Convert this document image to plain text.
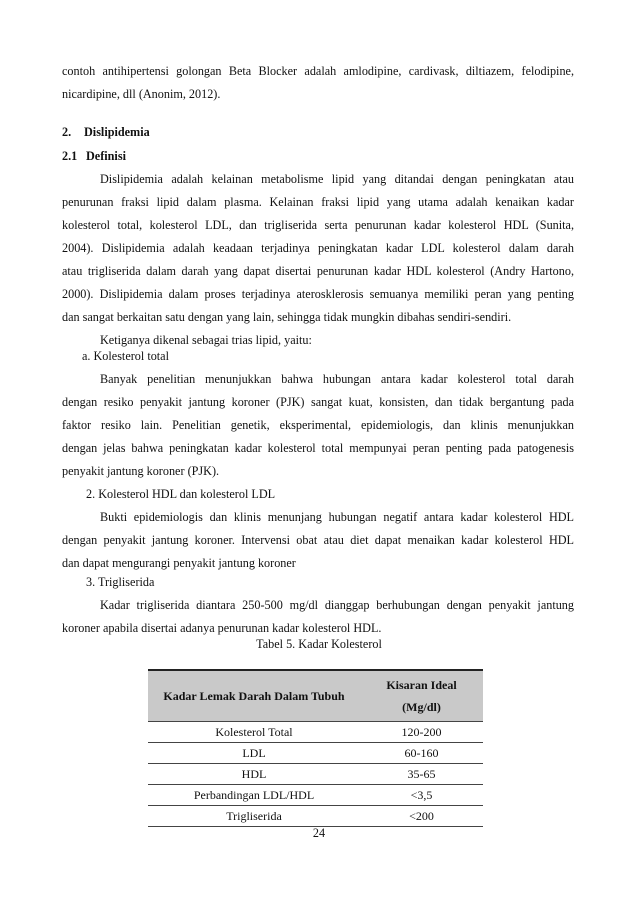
contoh antihipertensi golongan Beta Blocker adalah amlodipine, cardivask, diltiazem, felodipine,
nicardipine, dll (Anonim, 2012).
2. Dislipidemia
2.1 Definisi
Dislipidemia adalah kelainan metabolisme lipid yang ditandai dengan peningkatan atau
penurunan fraksi lipid dalam plasma. Kelainan fraksi lipid yang utama adalah kenaikan kadar
kolesterol total, kolesterol LDL, dan trigliserida serta penurunan kadar kolesterol HDL (Sunita,
2004). Dislipidemia adalah keadaan terjadinya peningkatan kadar LDL kolesterol dalam darah
atau trigliserida dalam darah yang dapat disertai penurunan kadar HDL kolesterol (Andry Hartono,
2000). Dislipidemia dalam proses terjadinya aterosklerosis semuanya memiliki peran yang penting
dan sangat berkaitan satu dengan yang lain, sehingga tidak mungkin dibahas sendiri-sendiri.
Ketiganya dikenal sebagai trias lipid, yaitu:
a. Kolesterol total
Banyak penelitian menunjukkan bahwa hubungan antara kadar kolesterol total darah
dengan resiko penyakit jantung koroner (PJK) sangat kuat, konsisten, dan tidak bergantung pada
faktor resiko lain. Penelitian genetik, eksperimental, epidemiologis, dan klinis menunjukkan
dengan jelas bahwa peningkatan kadar kolesterol total mempunyai peran penting pada patogenesis
penyakit jantung koroner (PJK).
2. Kolesterol HDL dan kolesterol LDL
Bukti epidemiologis dan klinis menunjang hubungan negatif antara kadar kolesterol HDL
dengan penyakit jantung koroner. Intervensi obat atau diet dapat menaikan kadar kolesterol HDL
dan dapat mengurangi penyakit jantung koroner
3. Trigliserida
Kadar trigliserida diantara 250-500 mg/dl dianggap berhubungan dengan penyakit jantung
koroner apabila disertai adanya penurunan kadar kolesterol HDL.
Tabel 5. Kadar Kolesterol
Kadar Lemak Darah Dalam Tubuh	Kisaran Ideal
(Mg/dl)

Kolesterol Total	120-200
LDL	60-160
HDL	35-65
Perbandingan LDL/HDL	<3,5
Trigliserida	<200
24
